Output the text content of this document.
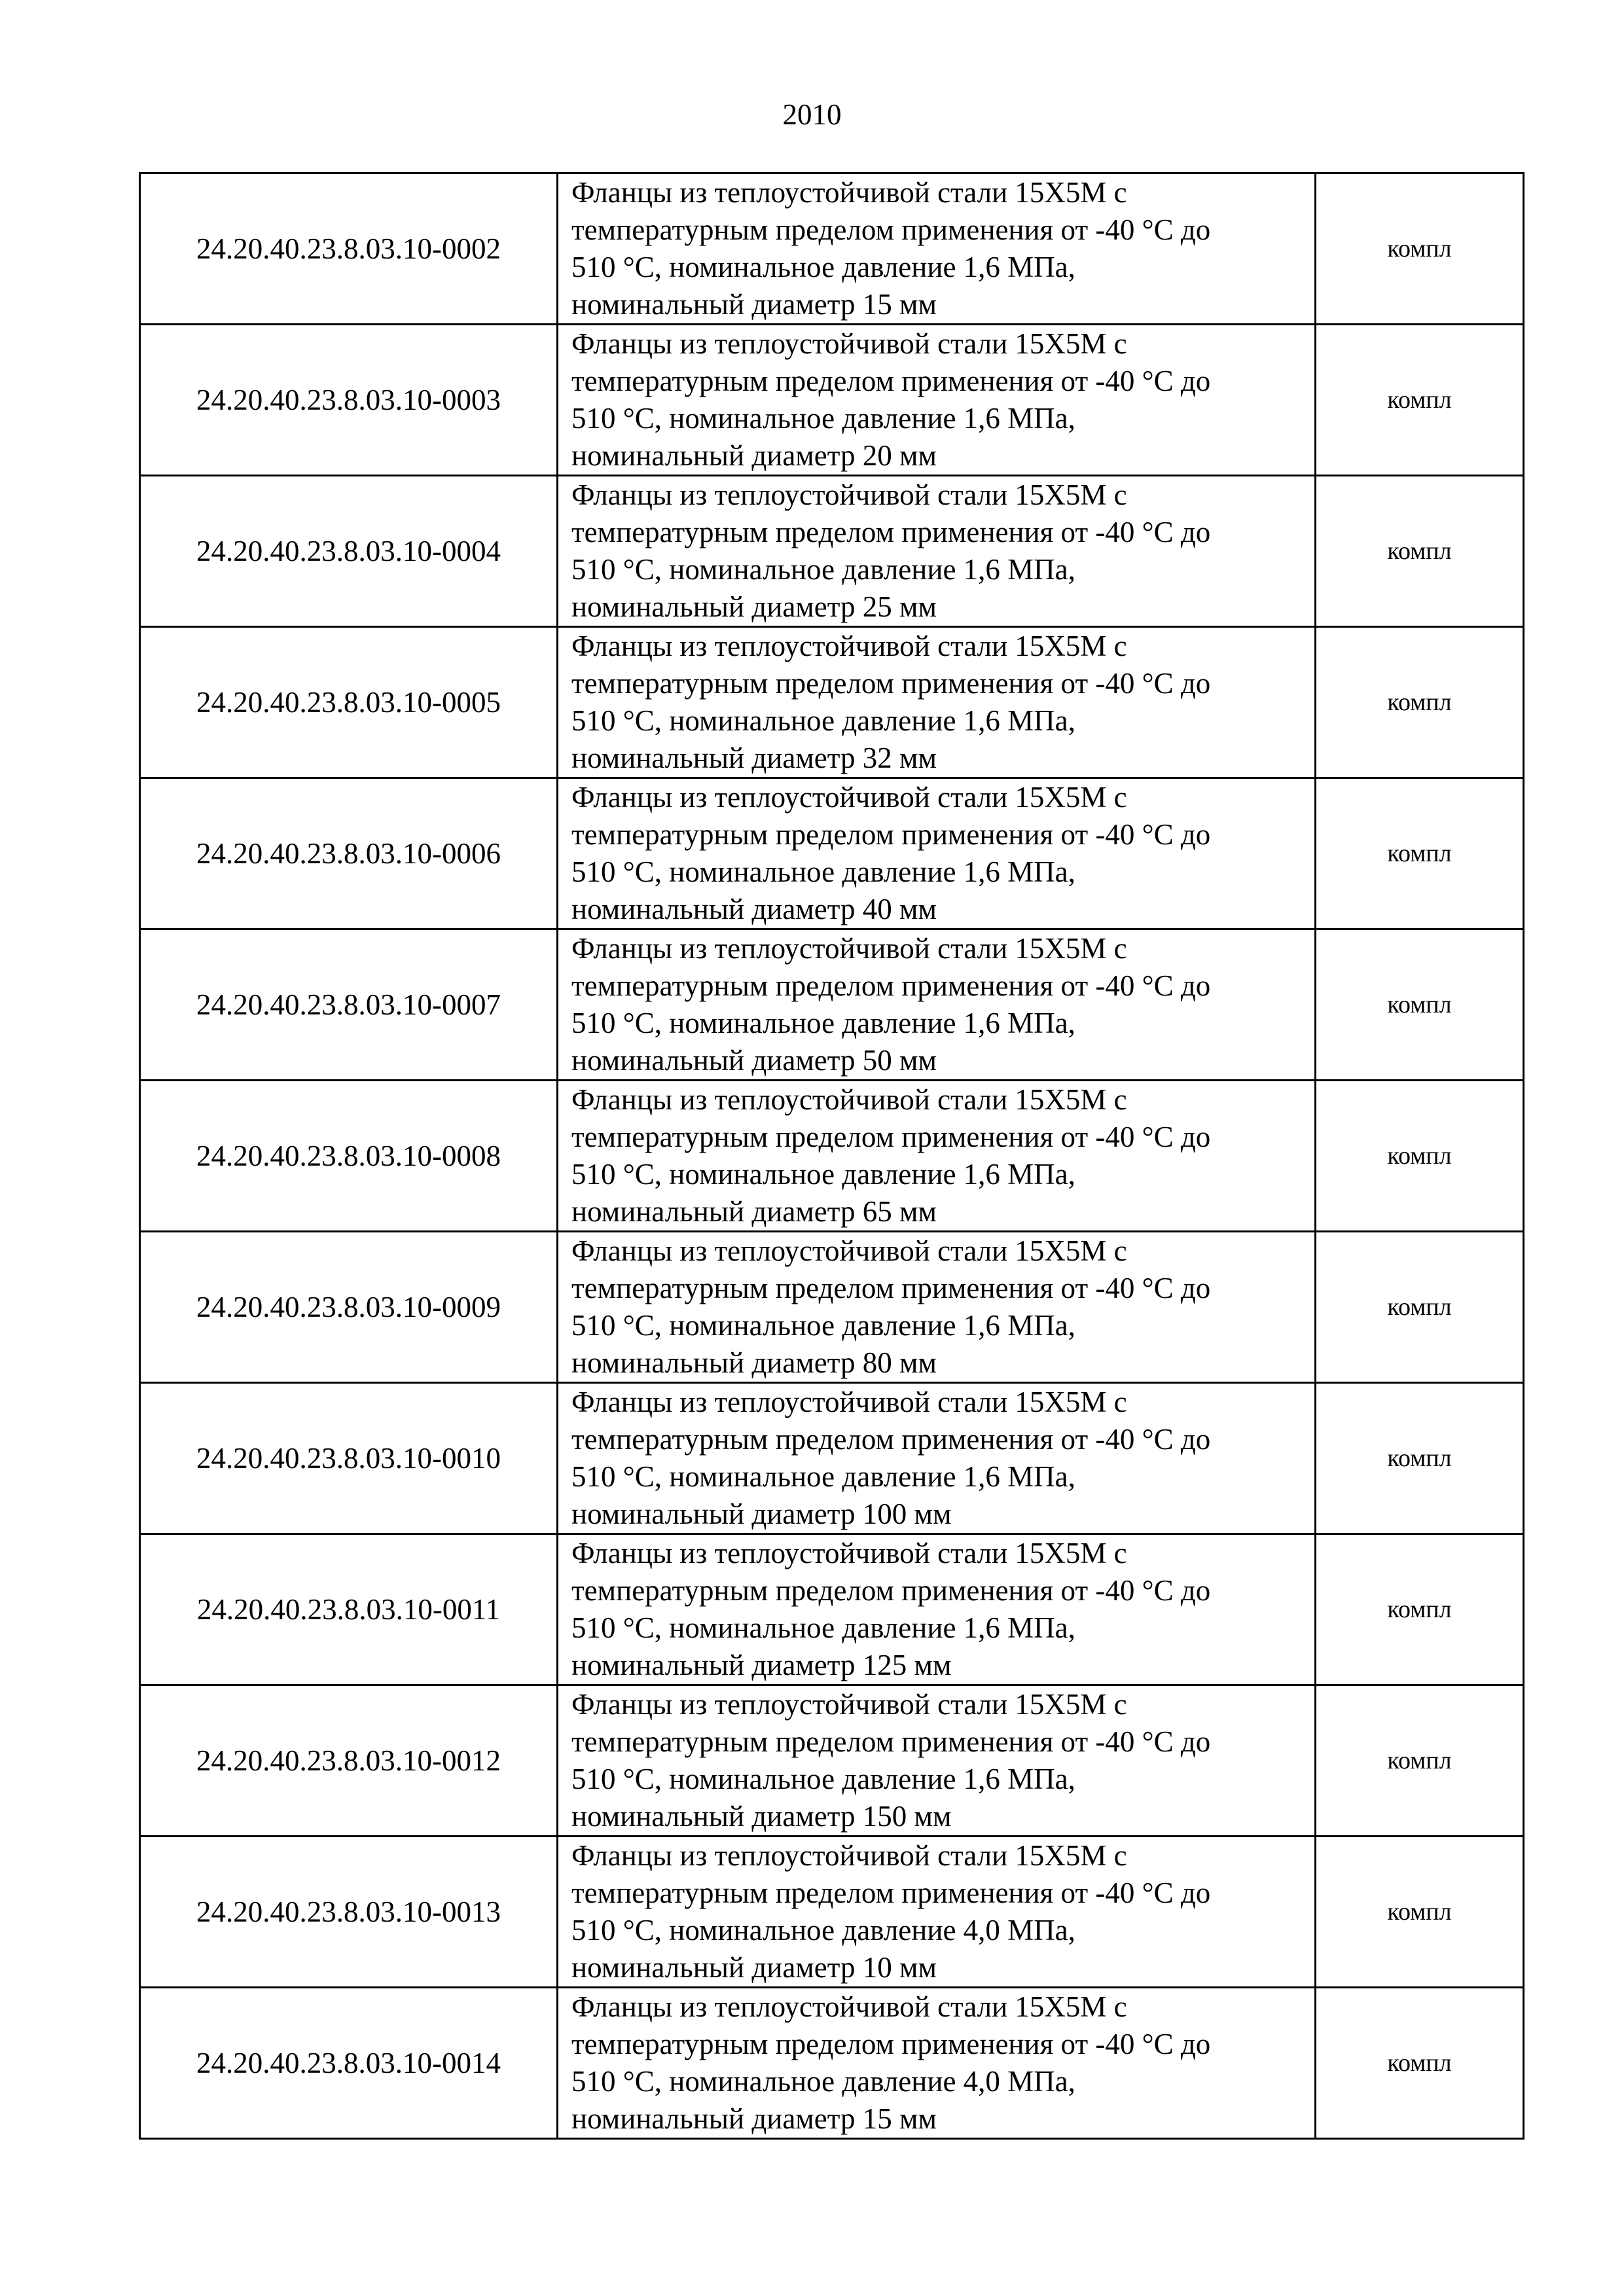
2010
24.20.40.23.8.03.10-0002	Фланцы из теплоустойчивой стали 15Х5М с
температурным пределом применения от -40 °С до
510 °С, номинальное давление 1,6 МПа,
номинальный диаметр 15 мм	компл
24.20.40.23.8.03.10-0003	Фланцы из теплоустойчивой стали 15Х5М с
температурным пределом применения от -40 °С до
510 °С, номинальное давление 1,6 МПа,
номинальный диаметр 20 мм	компл
24.20.40.23.8.03.10-0004	Фланцы из теплоустойчивой стали 15Х5М с
температурным пределом применения от -40 °С до
510 °С, номинальное давление 1,6 МПа,
номинальный диаметр 25 мм	компл
24.20.40.23.8.03.10-0005	Фланцы из теплоустойчивой стали 15Х5М с
температурным пределом применения от -40 °С до
510 °С, номинальное давление 1,6 МПа,
номинальный диаметр 32 мм	компл
24.20.40.23.8.03.10-0006	Фланцы из теплоустойчивой стали 15Х5М с
температурным пределом применения от -40 °С до
510 °С, номинальное давление 1,6 МПа,
номинальный диаметр 40 мм	компл
24.20.40.23.8.03.10-0007	Фланцы из теплоустойчивой стали 15Х5М с
температурным пределом применения от -40 °С до
510 °С, номинальное давление 1,6 МПа,
номинальный диаметр 50 мм	компл
24.20.40.23.8.03.10-0008	Фланцы из теплоустойчивой стали 15Х5М с
температурным пределом применения от -40 °С до
510 °С, номинальное давление 1,6 МПа,
номинальный диаметр 65 мм	компл
24.20.40.23.8.03.10-0009	Фланцы из теплоустойчивой стали 15Х5М с
температурным пределом применения от -40 °С до
510 °С, номинальное давление 1,6 МПа,
номинальный диаметр 80 мм	компл
24.20.40.23.8.03.10-0010	Фланцы из теплоустойчивой стали 15Х5М с
температурным пределом применения от -40 °С до
510 °С, номинальное давление 1,6 МПа,
номинальный диаметр 100 мм	компл
24.20.40.23.8.03.10-0011	Фланцы из теплоустойчивой стали 15Х5М с
температурным пределом применения от -40 °С до
510 °С, номинальное давление 1,6 МПа,
номинальный диаметр 125 мм	компл
24.20.40.23.8.03.10-0012	Фланцы из теплоустойчивой стали 15Х5М с
температурным пределом применения от -40 °С до
510 °С, номинальное давление 1,6 МПа,
номинальный диаметр 150 мм	компл
24.20.40.23.8.03.10-0013	Фланцы из теплоустойчивой стали 15Х5М с
температурным пределом применения от -40 °С до
510 °С, номинальное давление 4,0 МПа,
номинальный диаметр 10 мм	компл
24.20.40.23.8.03.10-0014	Фланцы из теплоустойчивой стали 15Х5М с
температурным пределом применения от -40 °С до
510 °С, номинальное давление 4,0 МПа,
номинальный диаметр 15 мм	компл
